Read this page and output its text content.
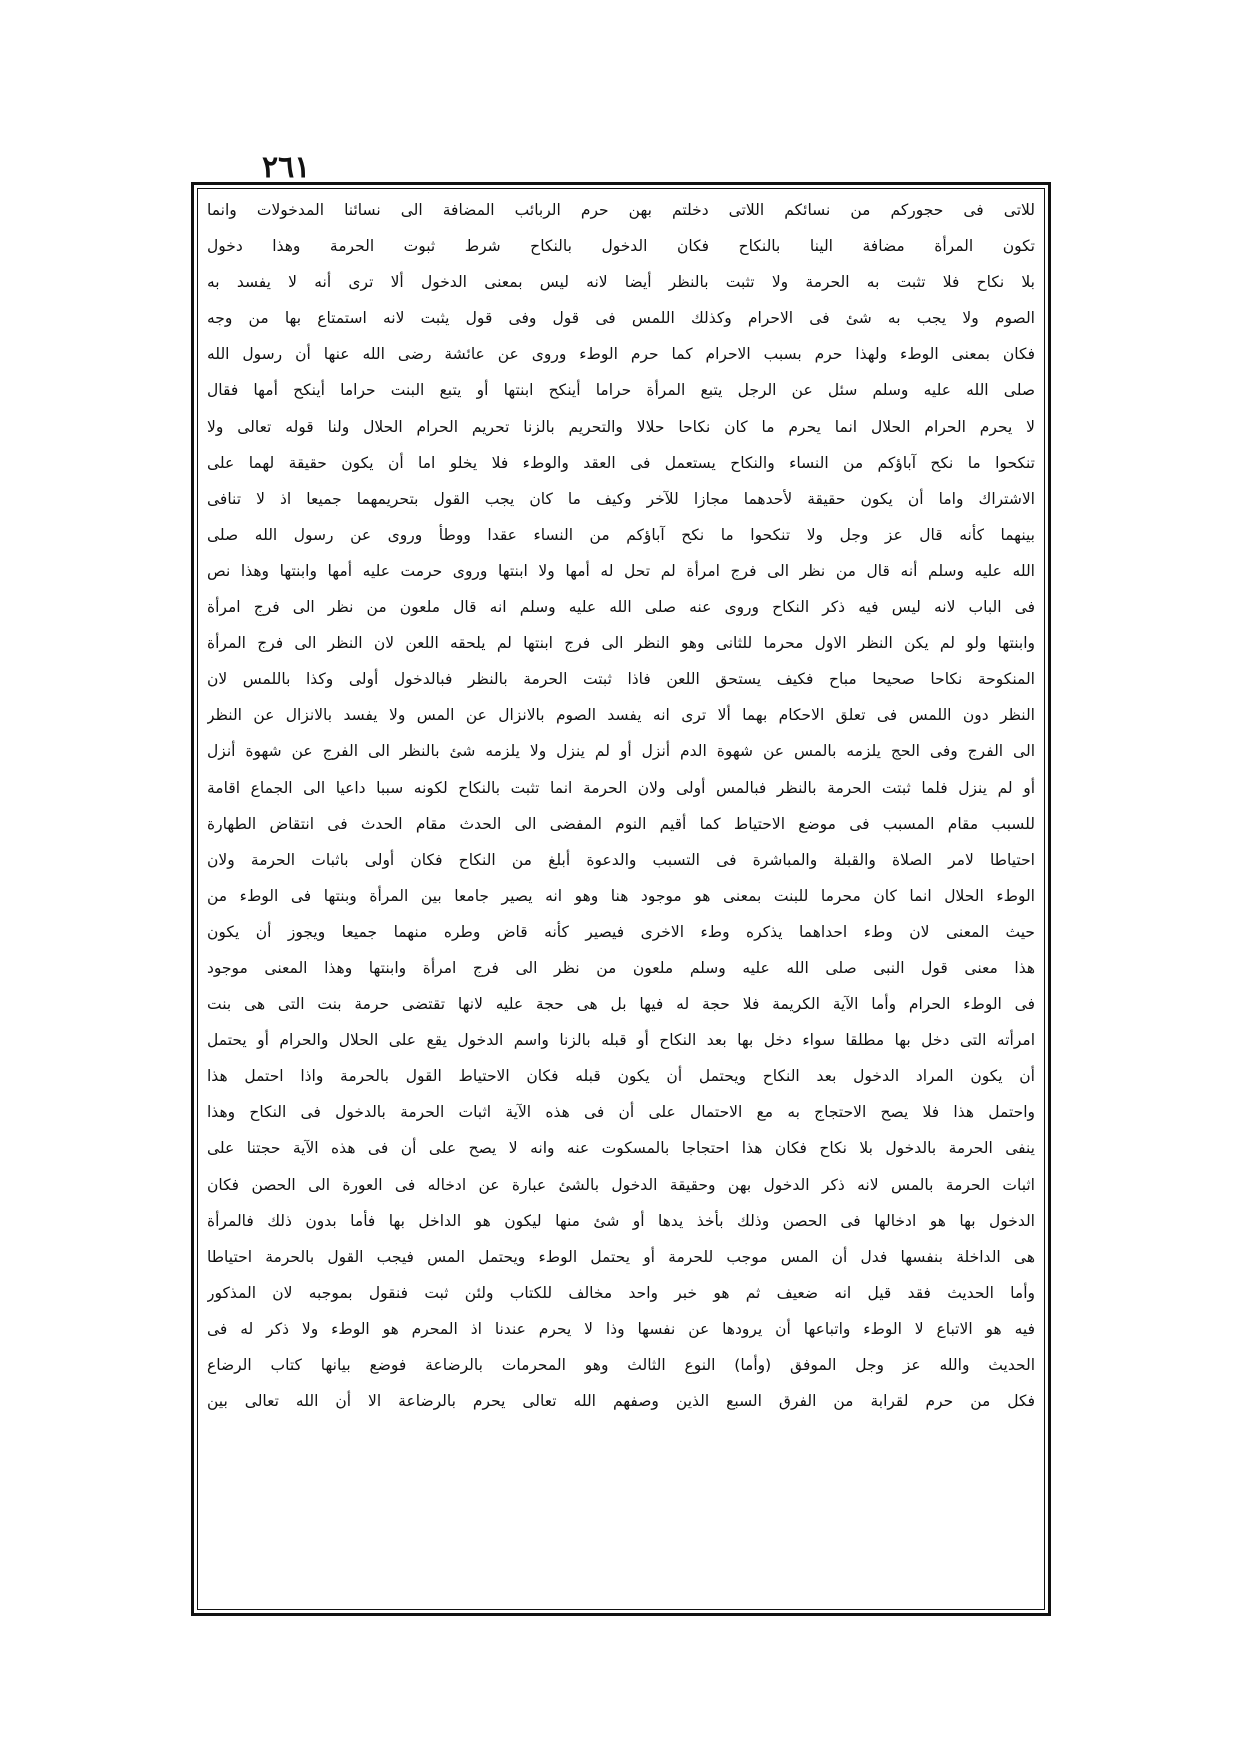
٢٦١
للاتى فى حجوركم من نسائكم اللاتى دخلتم بهن حرم الربائب المضافة الى نسائنا المدخولات وانما
تكون المرأة مضافة الينا بالنكاح فكان الدخول بالنكاح شرط ثبوت الحرمة وهذا دخول
بلا نكاح فلا تثبت به الحرمة ولا تثبت بالنظر أيضا لانه ليس بمعنى الدخول ألا ترى أنه لا يفسد به
الصوم ولا يجب به شئ فى الاحرام وكذلك اللمس فى قول وفى قول يثبت لانه استمتاع بها من وجه
فكان بمعنى الوطء ولهذا حرم بسبب الاحرام كما حرم الوطء وروى عن عائشة رضى الله عنها أن رسول الله
صلى الله عليه وسلم سئل عن الرجل يتبع المرأة حراما أينكح ابنتها أو يتبع البنت حراما أينكح أمها فقال
لا يحرم الحرام الحلال انما يحرم ما كان نكاحا حلالا والتحريم بالزنا تحريم الحرام الحلال ولنا قوله تعالى ولا
تنكحوا ما نكح آباؤكم من النساء والنكاح يستعمل فى العقد والوطء فلا يخلو اما أن يكون حقيقة لهما على
الاشتراك واما أن يكون حقيقة لأحدهما مجازا للآخر وكيف ما كان يجب القول بتحريمهما جميعا اذ لا تنافى
بينهما كأنه قال عز وجل ولا تنكحوا ما نكح آباؤكم من النساء عقدا ووطأ وروى عن رسول الله صلى
الله عليه وسلم أنه قال من نظر الى فرج امرأة لم تحل له أمها ولا ابنتها وروى حرمت عليه أمها وابنتها وهذا نص
فى الباب لانه ليس فيه ذكر النكاح وروى عنه صلى الله عليه وسلم انه قال ملعون من نظر الى فرج امرأة
وابنتها ولو لم يكن النظر الاول محرما للثانى وهو النظر الى فرج ابنتها لم يلحقه اللعن لان النظر الى فرج المرأة
المنكوحة نكاحا صحيحا مباح فكيف يستحق اللعن فاذا ثبتت الحرمة بالنظر فبالدخول أولى وكذا باللمس لان
النظر دون اللمس فى تعلق الاحكام بهما ألا ترى انه يفسد الصوم بالانزال عن المس ولا يفسد بالانزال عن النظر
الى الفرج وفى الحج يلزمه بالمس عن شهوة الدم أنزل أو لم ينزل ولا يلزمه شئ بالنظر الى الفرج عن شهوة أنزل
أو لم ينزل فلما ثبتت الحرمة بالنظر فبالمس أولى ولان الحرمة انما تثبت بالنكاح لكونه سببا داعيا الى الجماع اقامة
للسبب مقام المسبب فى موضع الاحتياط كما أقيم النوم المفضى الى الحدث مقام الحدث فى انتقاض الطهارة
احتياطا لامر الصلاة والقبلة والمباشرة فى التسبب والدعوة أبلغ من النكاح فكان أولى باثبات الحرمة ولان
الوطء الحلال انما كان محرما للبنت بمعنى هو موجود هنا وهو انه يصير جامعا بين المرأة وبنتها فى الوطء من
حيث المعنى لان وطء احداهما يذكره وطء الاخرى فيصير كأنه قاض وطره منهما جميعا ويجوز أن يكون
هذا معنى قول النبى صلى الله عليه وسلم ملعون من نظر الى فرج امرأة وابنتها وهذا المعنى موجود
فى الوطء الحرام وأما الآية الكريمة فلا حجة له فيها بل هى حجة عليه لانها تقتضى حرمة بنت التى هى بنت
امرأته التى دخل بها مطلقا سواء دخل بها بعد النكاح أو قبله بالزنا واسم الدخول يقع على الحلال والحرام أو يحتمل
أن يكون المراد الدخول بعد النكاح ويحتمل أن يكون قبله فكان الاحتياط القول بالحرمة واذا احتمل هذا
واحتمل هذا فلا يصح الاحتجاج به مع الاحتمال على أن فى هذه الآية اثبات الحرمة بالدخول فى النكاح وهذا
ينفى الحرمة بالدخول بلا نكاح فكان هذا احتجاجا بالمسكوت عنه وانه لا يصح على أن فى هذه الآية حجتنا على
اثبات الحرمة بالمس لانه ذكر الدخول بهن وحقيقة الدخول بالشئ عبارة عن ادخاله فى العورة الى الحصن فكان
الدخول بها هو ادخالها فى الحصن وذلك بأخذ يدها أو شئ منها ليكون هو الداخل بها فأما بدون ذلك فالمرأة
هى الداخلة بنفسها فدل أن المس موجب للحرمة أو يحتمل الوطء ويحتمل المس فيجب القول بالحرمة احتياطا
وأما الحديث فقد قيل انه ضعيف ثم هو خبر واحد مخالف للكتاب ولئن ثبت فنقول بموجبه لان المذكور
فيه هو الاتباع لا الوطء واتباعها أن يرودها عن نفسها وذا لا يحرم عندنا اذ المحرم هو الوطء ولا ذكر له فى
الحديث والله عز وجل الموفق (وأما) النوع الثالث وهو المحرمات بالرضاعة فوضع بيانها كتاب الرضاع
فكل من حرم لقرابة من الفرق السبع الذين وصفهم الله تعالى يحرم بالرضاعة الا أن الله تعالى بين
